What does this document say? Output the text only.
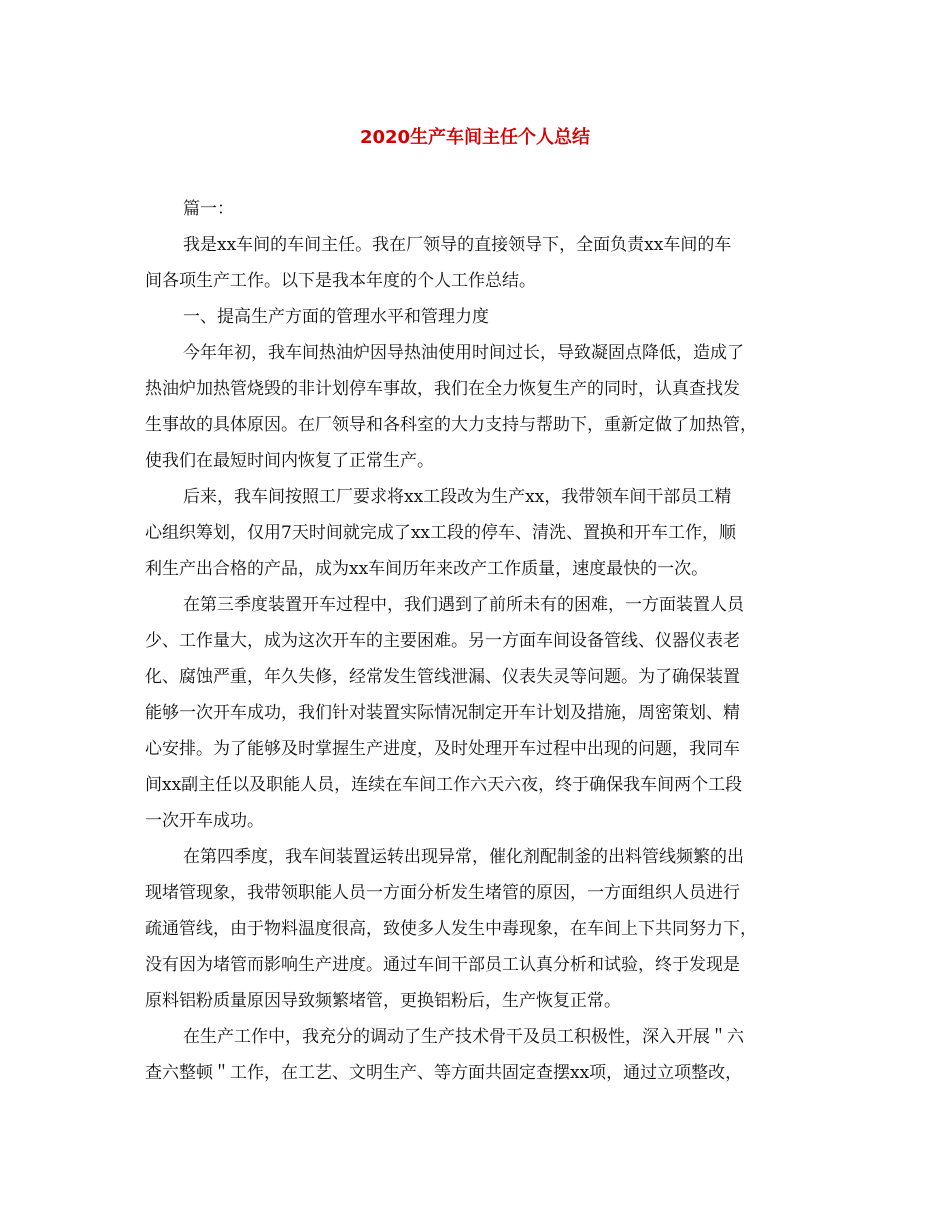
2020生产车间主任个人总结
篇一：
我是xx车间的车间主任。我在厂领导的直接领导下，全面负责xx车间的车
间各项生产工作。以下是我本年度的个人工作总结。
一、提高生产方面的管理水平和管理力度
今年年初，我车间热油炉因导热油使用时间过长，导致凝固点降低，造成了
热油炉加热管烧毁的非计划停车事故，我们在全力恢复生产的同时，认真查找发
生事故的具体原因。在厂领导和各科室的大力支持与帮助下，重新定做了加热管，
使我们在最短时间内恢复了正常生产。
后来，我车间按照工厂要求将xx工段改为生产xx，我带领车间干部员工精
心组织筹划，仅用7天时间就完成了xx工段的停车、清洗、置换和开车工作，顺
利生产出合格的产品，成为xx车间历年来改产工作质量，速度最快的一次。
在第三季度装置开车过程中，我们遇到了前所未有的困难，一方面装置人员
少、工作量大，成为这次开车的主要困难。另一方面车间设备管线、仪器仪表老
化、腐蚀严重，年久失修，经常发生管线泄漏、仪表失灵等问题。为了确保装置
能够一次开车成功，我们针对装置实际情况制定开车计划及措施，周密策划、精
心安排。为了能够及时掌握生产进度，及时处理开车过程中出现的问题，我同车
间xx副主任以及职能人员，连续在车间工作六天六夜，终于确保我车间两个工段
一次开车成功。
在第四季度，我车间装置运转出现异常，催化剂配制釜的出料管线频繁的出
现堵管现象，我带领职能人员一方面分析发生堵管的原因，一方面组织人员进行
疏通管线，由于物料温度很高，致使多人发生中毒现象，在车间上下共同努力下，
没有因为堵管而影响生产进度。通过车间干部员工认真分析和试验，终于发现是
原料铝粉质量原因导致频繁堵管，更换铝粉后，生产恢复正常。
在生产工作中，我充分的调动了生产技术骨干及员工积极性，深入开展＂六
查六整顿＂工作，在工艺、文明生产、等方面共固定查摆xx项，通过立项整改，
